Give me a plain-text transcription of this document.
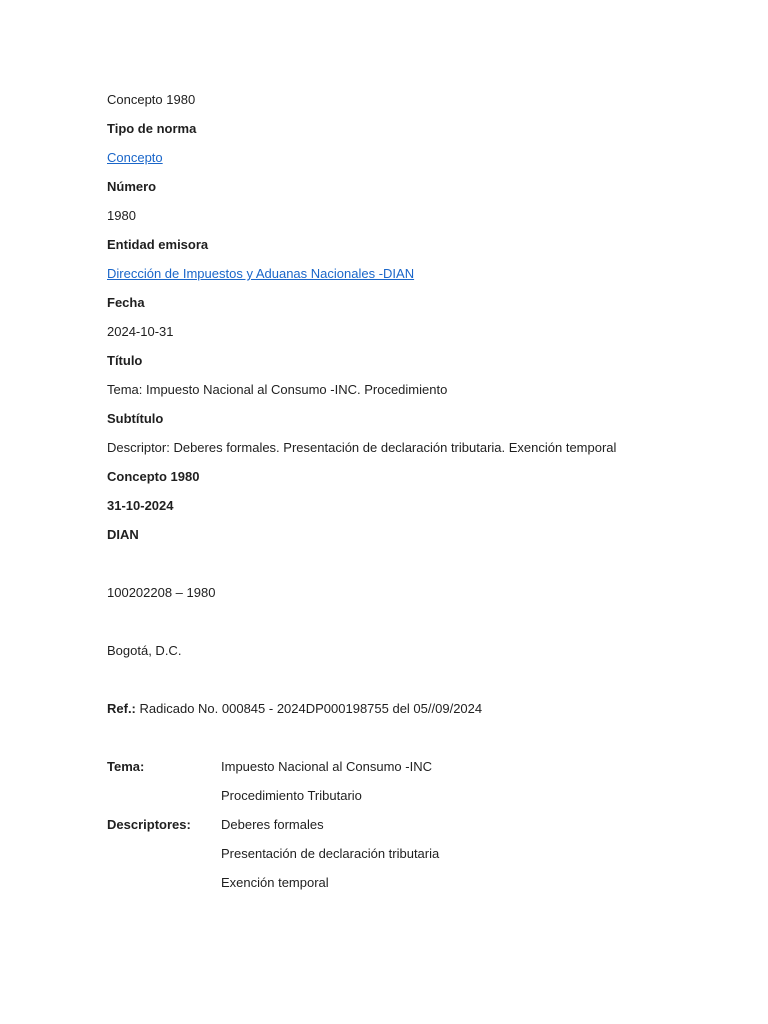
Concepto 1980
Tipo de norma
Concepto
Número
1980
Entidad emisora
Dirección de Impuestos y Aduanas Nacionales -DIAN
Fecha
2024-10-31
Título
Tema: Impuesto Nacional al Consumo -INC. Procedimiento
Subtítulo
Descriptor: Deberes formales. Presentación de declaración tributaria. Exención temporal
Concepto 1980
31-10-2024
DIAN
100202208 – 1980
Bogotá, D.C.
Ref.: Radicado No. 000845 - 2024DP000198755 del 05//09/2024
Tema:	Impuesto Nacional al Consumo -INC
Procedimiento Tributario
Descriptores:	Deberes formales
Presentación de declaración tributaria
Exención temporal
